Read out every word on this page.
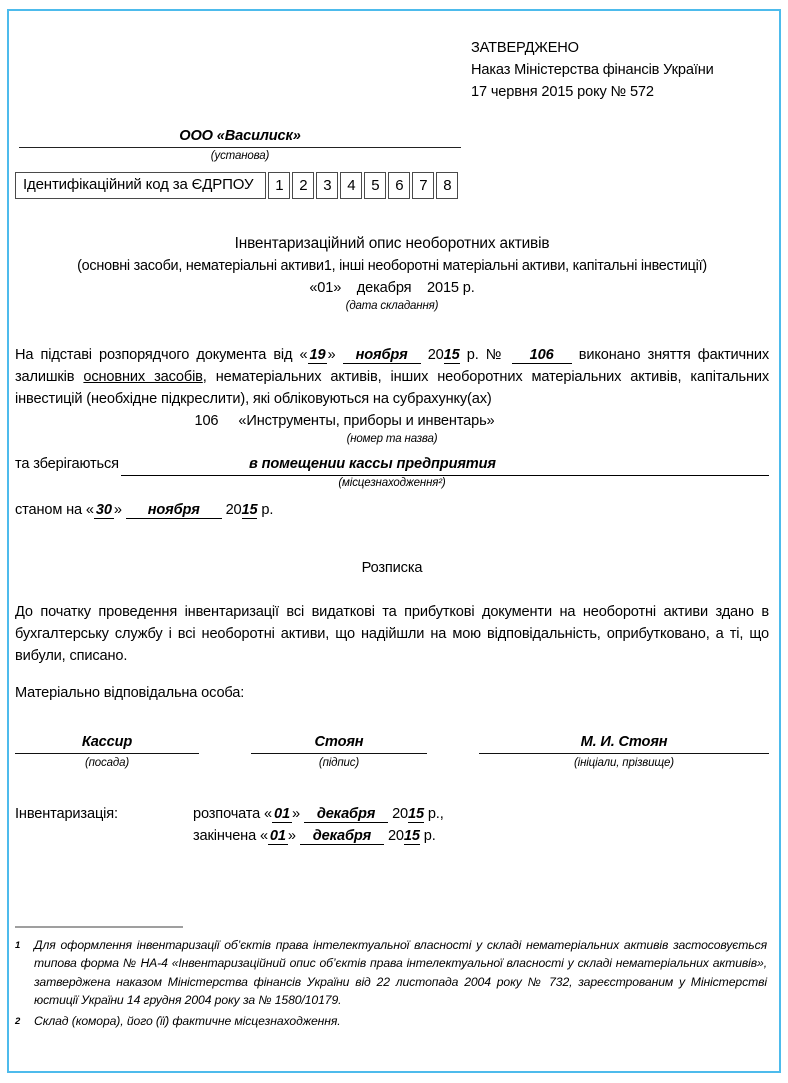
ЗАТВЕРДЖЕНО
Наказ Міністерства фінансів України
17 червня 2015 року № 572
ООО «Василиск»
(установа)
Ідентифікаційний код за ЄДРПОУ	1	2	3	4	5	6	7	8
Інвентаризаційний опис необоротних активів
(основні засоби, нематеріальні активи1, інші необоротні матеріальні активи, капітальні інвестиції)
«01»    декабря    2015 р.
(дата складання)

На підставі розпорядчого документа від « 19 » ноября 2015 р. № 106 виконано зняття фактичних залишків основних засобів, нематеріальних активів, інших необоротних матеріальних активів, капітальних інвестицій (необхідне підкреслити), які обліковуються на субрахунку(ах)

106 «Инструменты, приборы и инвентарь»
(номер та назва)
та зберігаються	в помещении кассы предприятия
(місцезнаходження²)
станом на « 30 » ноября 2015 р.
Розписка

До початку проведення інвентаризації всі видаткові та прибуткові документи на необоротні активи здано в бухгалтерську службу і всі необоротні активи, що надійшли на мою відповідальність, оприбутковано, а ті, що вибули, списано.

Матеріально відповідальна особа:
Кассир
(посада)
Стоян
(підпис)
М. И. Стоян
(ініціали, прізвище)
Інвентаризація:	розпочата « 01 » декабря 2015 р.,
закінчена « 01 » декабря 2015 р.
1	Для оформлення інвентаризації об’єктів права інтелектуальної власності у складі нематеріальних активів застосовується типова форма № НА-4 «Інвентаризаційний опис об’єктів права інтелектуальної власності у складі нематеріальних активів», затверджена наказом Міністерства фінансів України від 22 листопада 2004 року № 732, зареєстрованим у Міністерстві юстиції України 14 грудня 2004 року за № 1580/10179.
2	Склад (комора), його (її) фактичне місцезнаходження.
